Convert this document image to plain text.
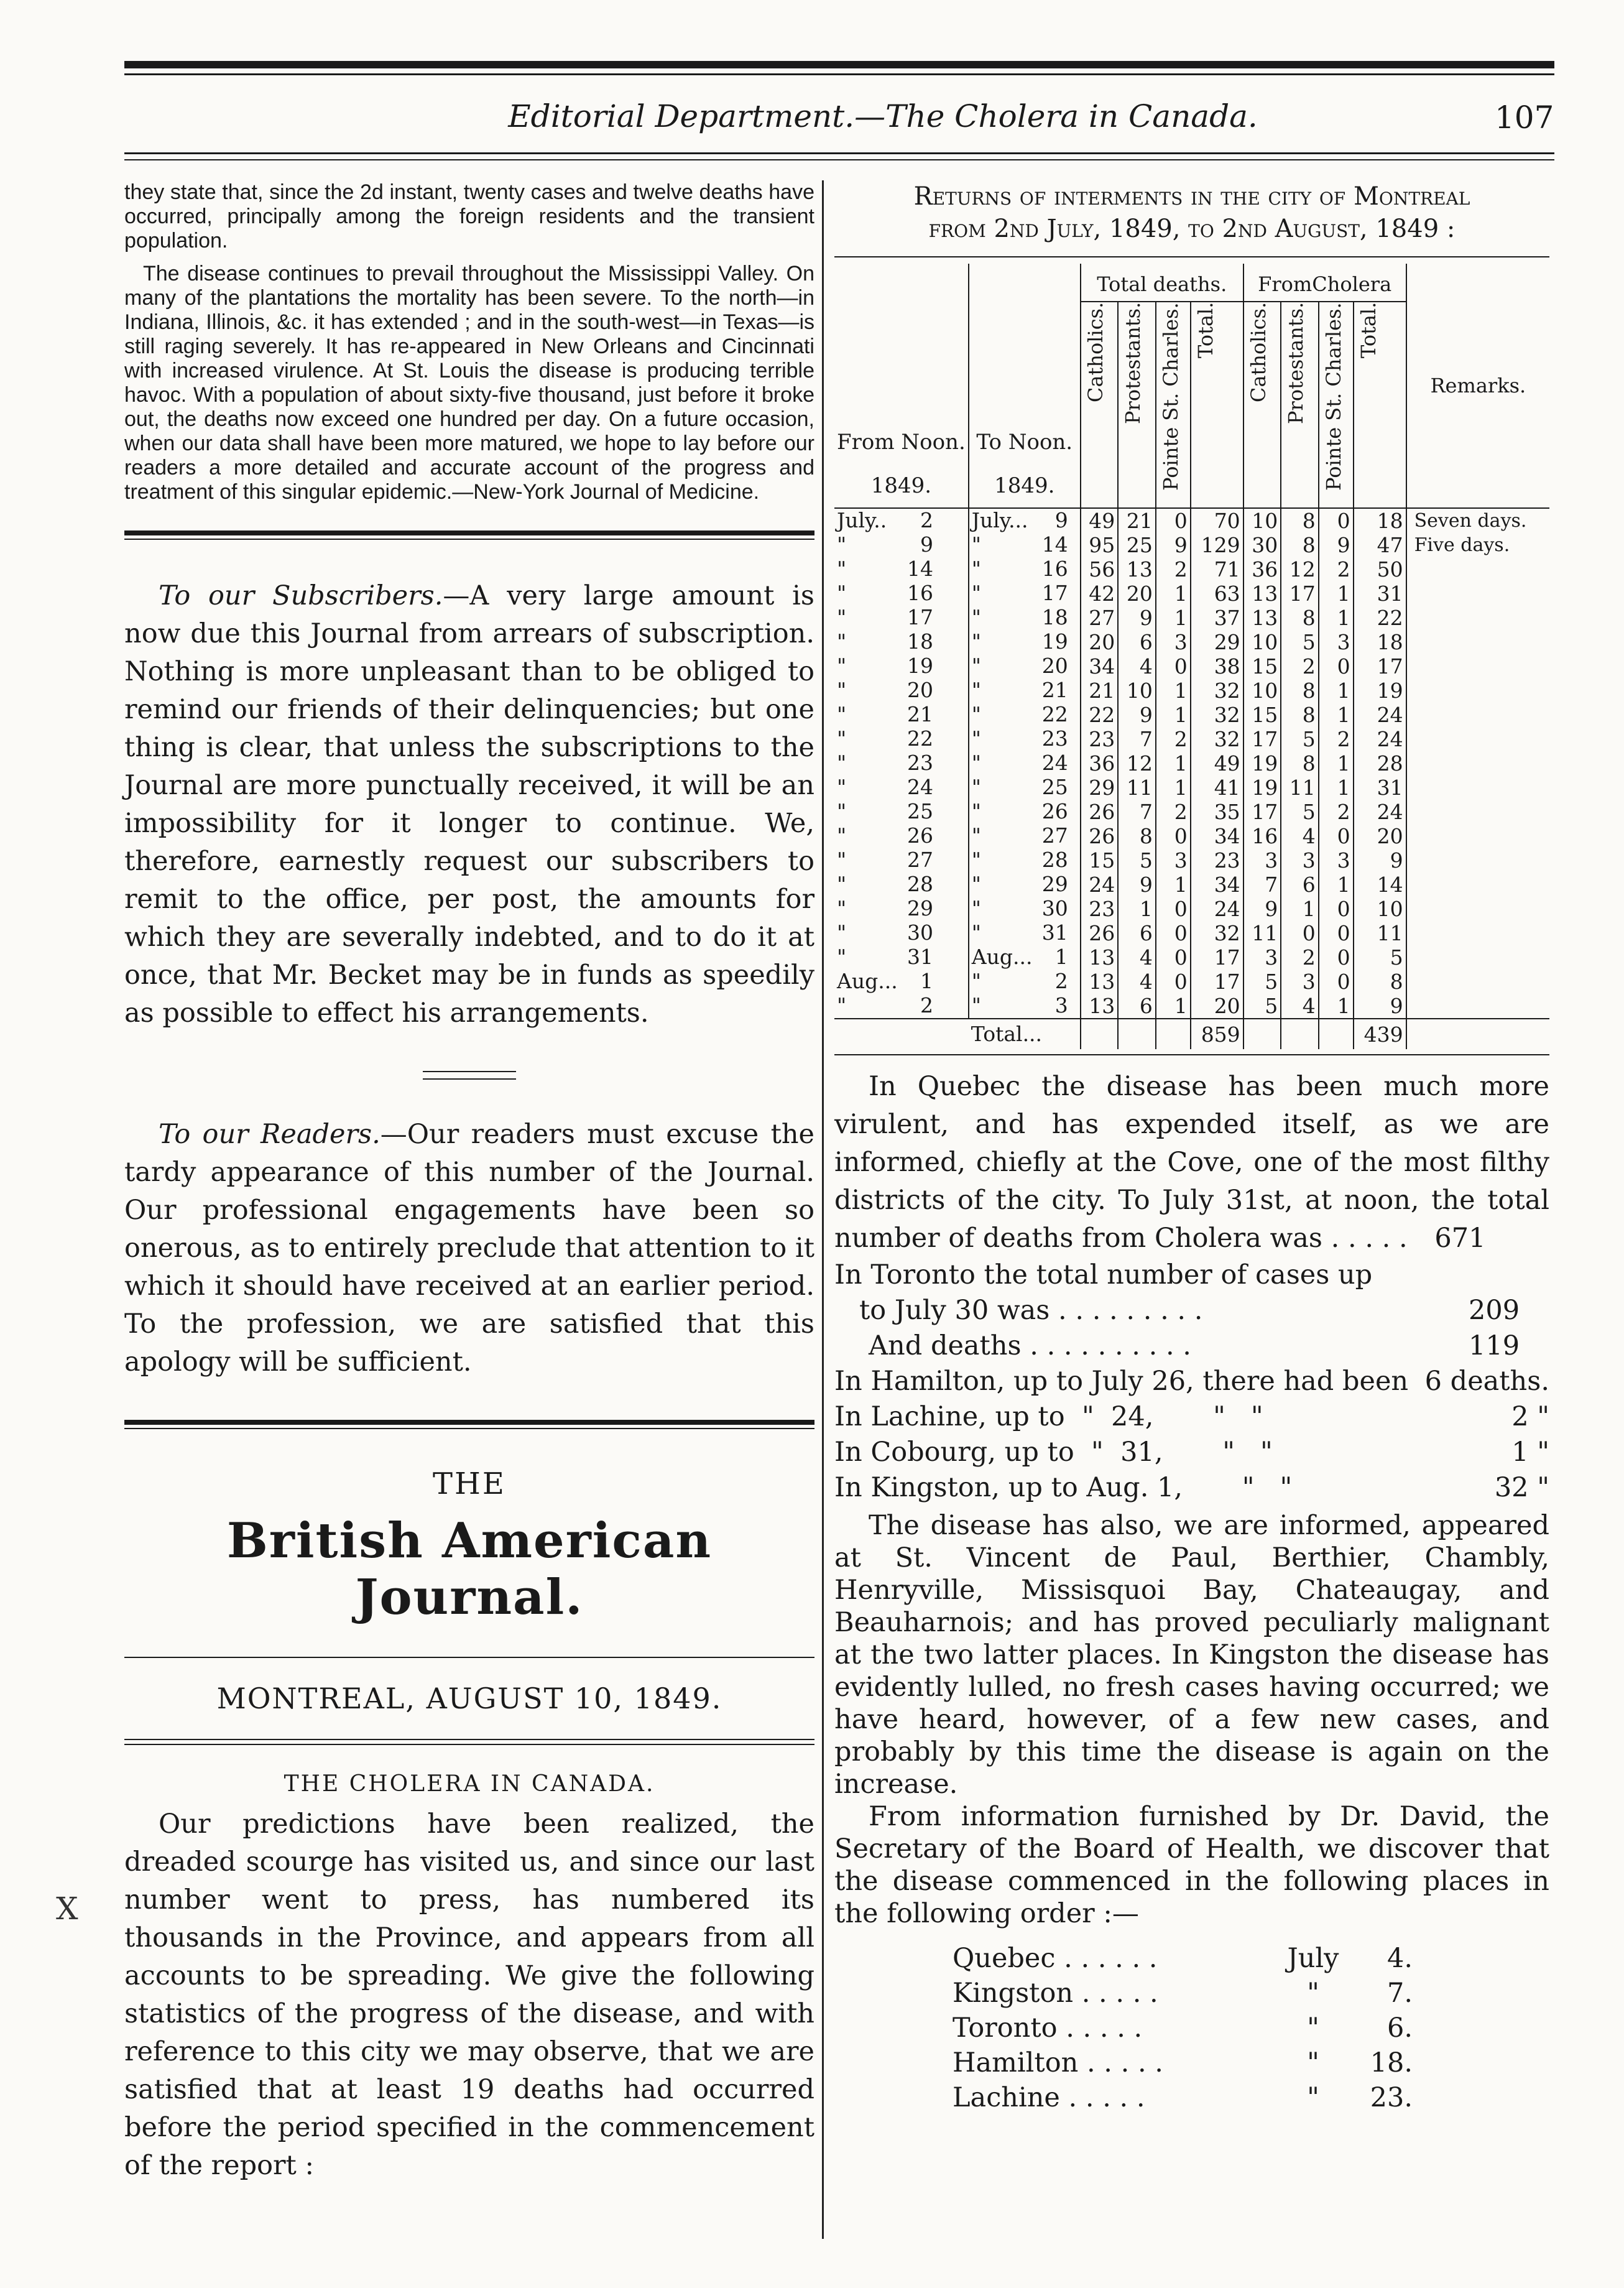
Editorial Department.—The Cholera in Canada.	107

they state that, since the 2d instant, twenty cases and twelve deaths have occurred, principally among the foreign residents and the transient population.

The disease continues to prevail throughout the Mississippi Valley. On many of the plantations the mortality has been severe. To the north—in Indiana, Illinois, &c. it has extended ; and in the south-west—in Texas—is still raging severely. It has re-appeared in New Orleans and Cincinnati with increased virulence. At St. Louis the disease is producing terrible havoc. With a population of about sixty-five thousand, just before it broke out, the deaths now exceed one hundred per day. On a future occasion, when our data shall have been more matured, we hope to lay before our readers a more detailed and accurate account of the progress and treatment of this singular epidemic.—New-York Journal of Medicine.

To our Subscribers.—A very large amount is now due this Journal from arrears of subscription. Nothing is more unpleasant than to be obliged to remind our friends of their delinquencies; but one thing is clear, that unless the subscriptions to the Journal are more punctually received, it will be an impossibility for it longer to continue. We, therefore, earnestly request our subscribers to remit to the office, per post, the amounts for which they are severally indebted, and to do it at once, that Mr. Becket may be in funds as speedily as possible to effect his arrangements.

To our Readers.—Our readers must excuse the tardy appearance of this number of the Journal. Our professional engagements have been so onerous, as to entirely preclude that attention to it which it should have received at an earlier period. To the profession, we are satisfied that this apology will be sufficient.

THE

British American Journal.

MONTREAL, AUGUST 10, 1849.

THE CHOLERA IN CANADA.

Our predictions have been realized, the dreaded scourge has visited us, and since our last number went to press, has numbered its thousands in the Province, and appears from all accounts to be spreading. We give the following statistics of the progress of the disease, and with reference to this city we may observe, that we are satisfied that at least 19 deaths had occurred before the period specified in the commencement of the report :

X

Returns of interments in the city of Montreal
from 2nd July, 1849, to 2nd August, 1849 :

From Noon.
1849.	To Noon.
1849.	Total deaths.				FromCholera				Remarks.

		Catholics.	Protestants.	Pointe St. Charles.	Total.	Catholics.	Protestants.	Pointe St. Charles.	Total.	

July.. 2	July... 9	49	21	0	70	10	8	0	18	Seven days.
" 9	" 14	95	25	9	129	30	8	9	47	Five days.
" 14	" 16	56	13	2	71	36	12	2	50	
" 16	" 17	42	20	1	63	13	17	1	31	
" 17	" 18	27	9	1	37	13	8	1	22	
" 18	" 19	20	6	3	29	10	5	3	18	
" 19	" 20	34	4	0	38	15	2	0	17	
" 20	" 21	21	10	1	32	10	8	1	19	
" 21	" 22	22	9	1	32	15	8	1	24	
" 22	" 23	23	7	2	32	17	5	2	24	
" 23	" 24	36	12	1	49	19	8	1	28	
" 24	" 25	29	11	1	41	19	11	1	31	
" 25	" 26	26	7	2	35	17	5	2	24	
" 26	" 27	26	8	0	34	16	4	0	20	
" 27	" 28	15	5	3	23	3	3	3	9	
" 28	" 29	24	9	1	34	7	6	1	14	
" 29	" 30	23	1	0	24	9	1	0	10	
" 30	" 31	26	6	0	32	11	0	0	11	
" 31	Aug... 1	13	4	0	17	3	2	0	5	
Aug... 1	" 2	13	4	0	17	5	3	0	8	
" 2	" 3	13	6	1	20	5	4	1	9	
	Total...				859				439	

In Quebec the disease has been much more virulent, and has expended itself, as we are informed, chiefly at the Cove, one of the most filthy districts of the city. To July 31st, at noon, the total number of deaths from Cholera was . . . . . 671

In Toronto the total number of cases up
to July 30 was . . . . . . . . .	209
And deaths . . . . . . . . . .	119
In Hamilton, up to July 26, there had been 6 deaths.
In Lachine, up to  "  24,       "   "	2 "
In Cobourg, up to  "  31,       "   "	1 "
In Kingston, up to Aug. 1,       "   "	32 "

The disease has also, we are informed, appeared at St. Vincent de Paul, Berthier, Chambly, Henryville, Missisquoi Bay, Chateaugay, and Beauharnois; and has proved peculiarly malignant at the two latter places. In Kingston the disease has evidently lulled, no fresh cases having occurred; we have heard, however, of a few new cases, and probably by this time the disease is again on the increase.

From information furnished by Dr. David, the Secretary of the Board of Health, we discover that the disease commenced in the following places in the following order :—

Quebec . . . . . .	July	4.
Kingston . . . . .	"	7.
Toronto . . . . .	"	6.
Hamilton . . . . .	"	18.
Lachine . . . . .	"	23.
